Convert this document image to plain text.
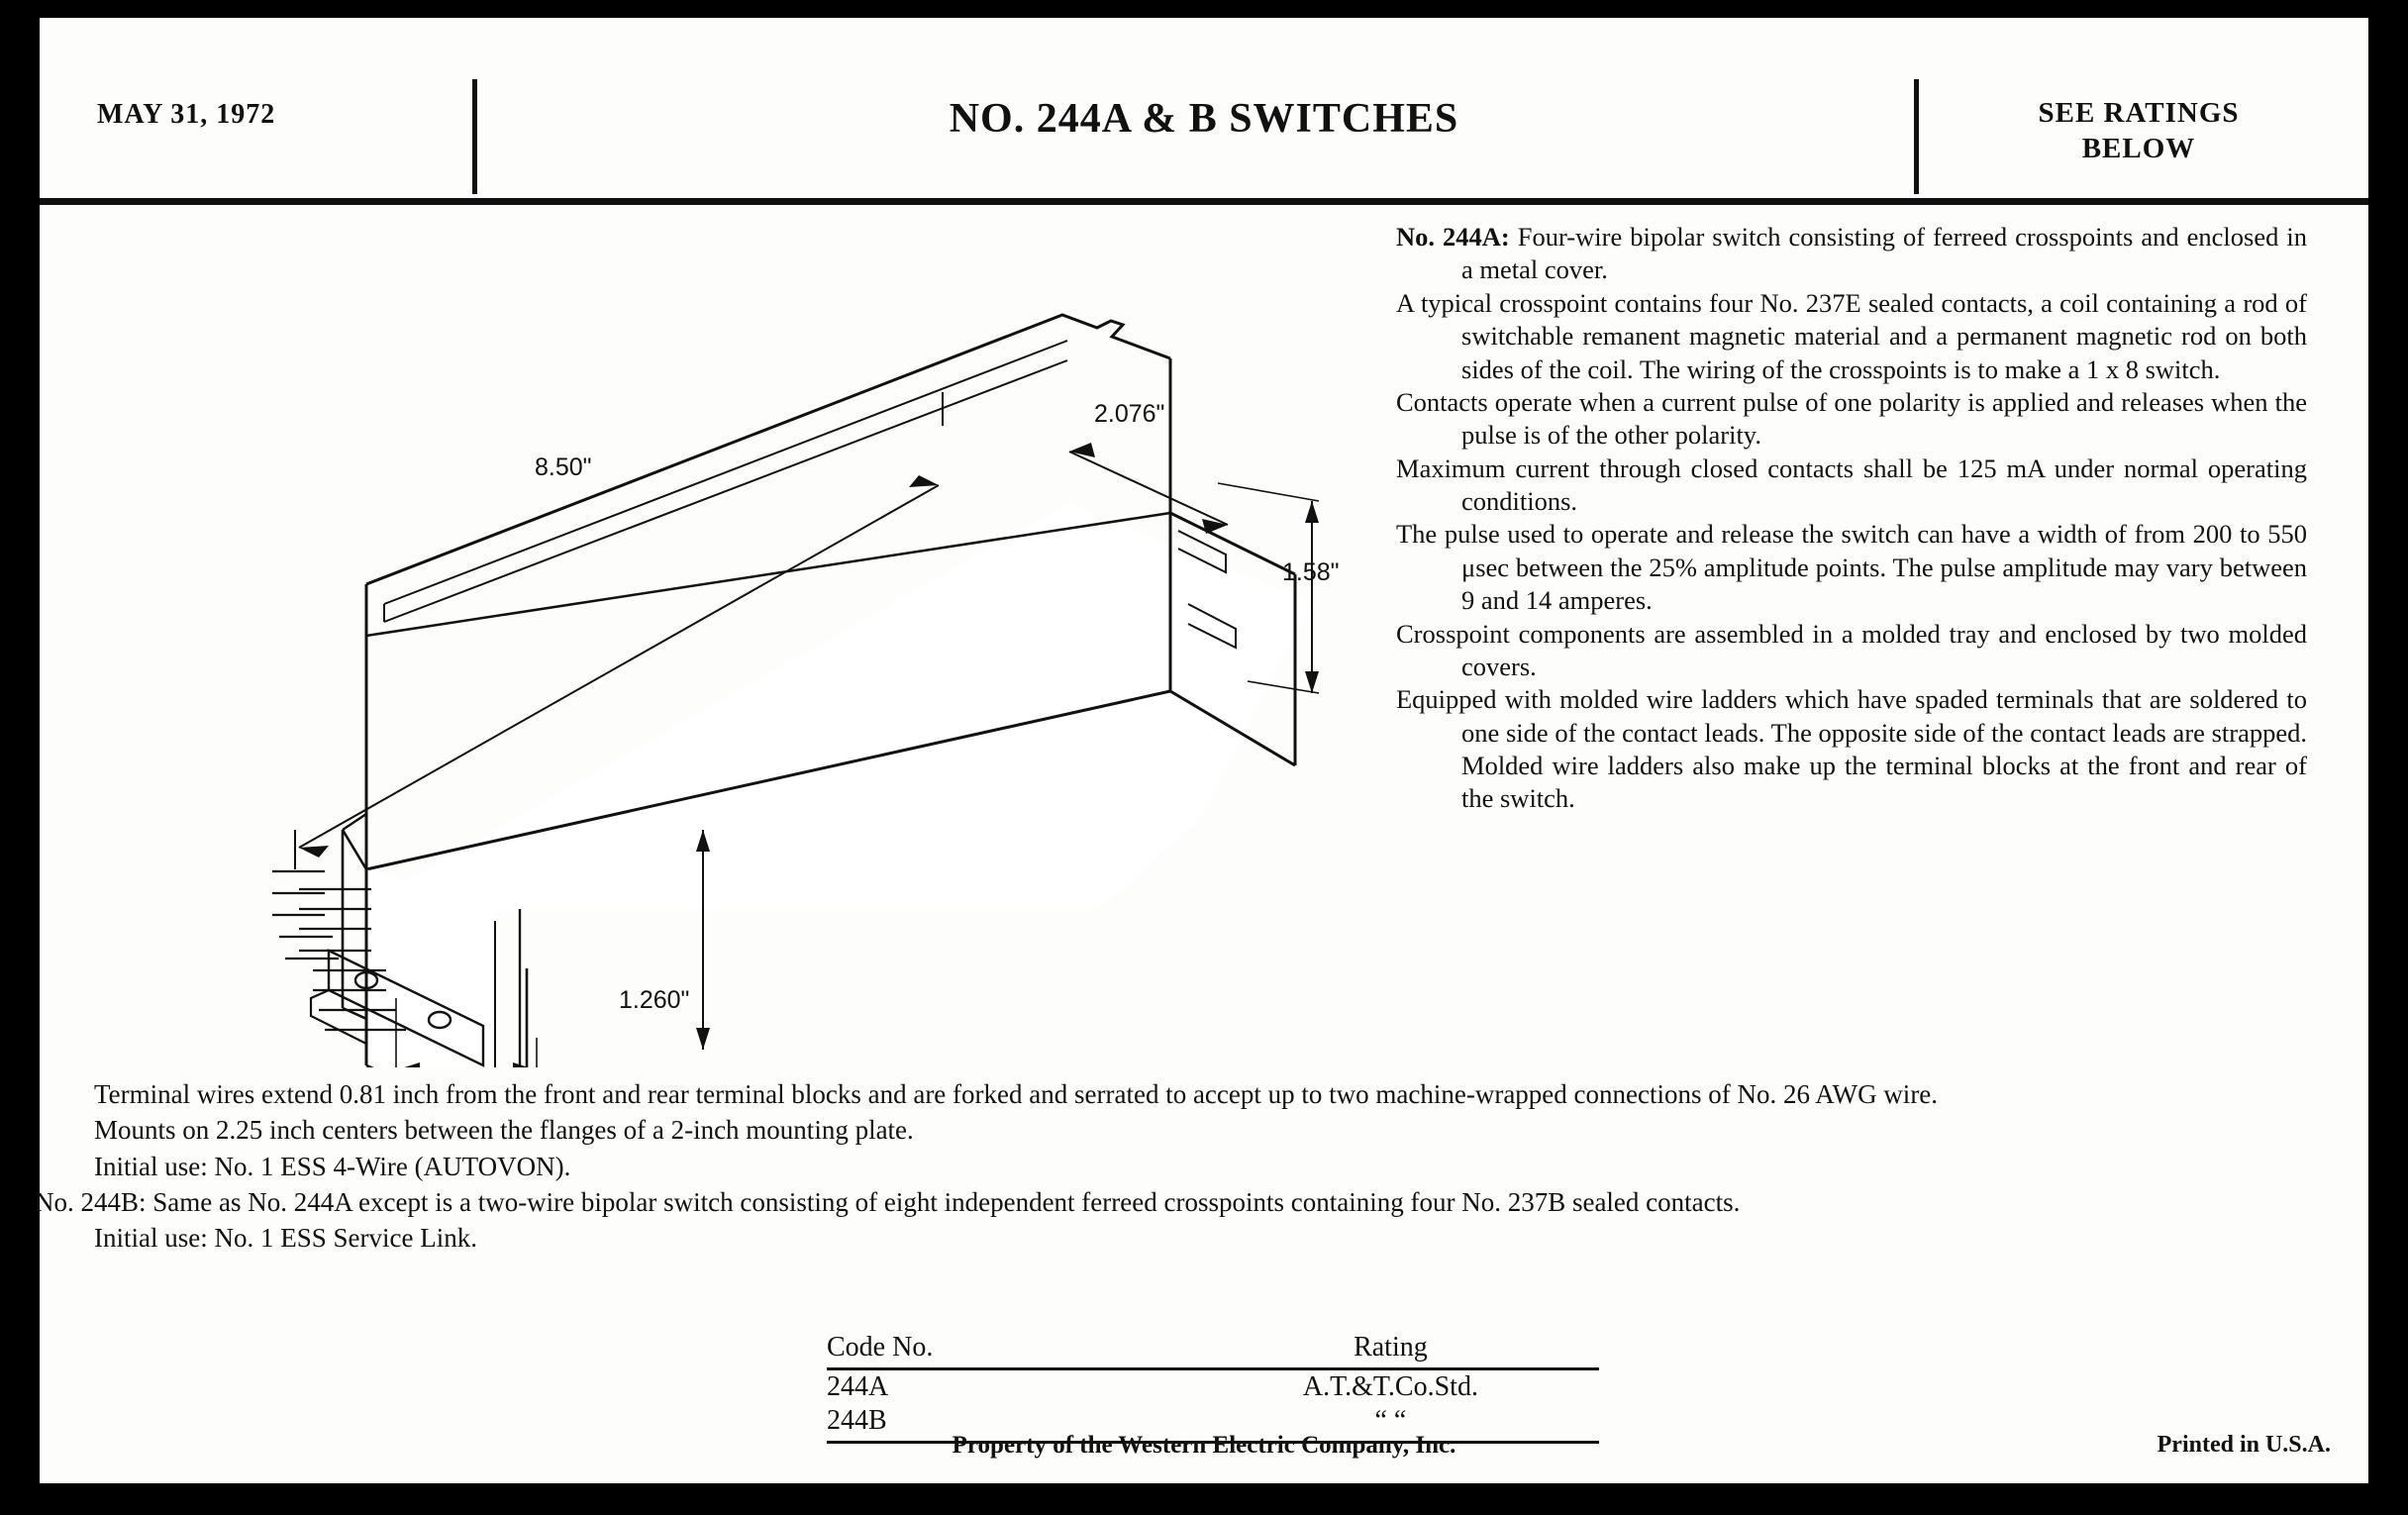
MAY 31, 1972	NO. 244A & B SWITCHES	SEE RATINGS
BELOW
8.50"
2.076"
1.58"
1.260"
No. 244A: Four-wire bipolar switch consisting of ferreed crosspoints and enclosed in a metal cover.
A typical crosspoint contains four No. 237E sealed contacts, a coil containing a rod of switchable remanent magnetic material and a permanent magnetic rod on both sides of the coil. The wiring of the crosspoints is to make a 1 x 8 switch.
Contacts operate when a current pulse of one polarity is applied and releases when the pulse is of the other polarity.
Maximum current through closed contacts shall be 125 mA under normal operating conditions.
The pulse used to operate and release the switch can have a width of from 200 to 550 μsec between the 25% amplitude points. The pulse amplitude may vary between 9 and 14 amperes.
Crosspoint components are assembled in a molded tray and enclosed by two molded covers.
Equipped with molded wire ladders which have spaded terminals that are soldered to one side of the contact leads. The opposite side of the contact leads are strapped. Molded wire ladders also make up the terminal blocks at the front and rear of the switch.

Terminal wires extend 0.81 inch from the front and rear terminal blocks and are forked and serrated to accept up to two machine-wrapped connections of No. 26 AWG wire.

Mounts on 2.25 inch centers between the flanges of a 2-inch mounting plate.

Initial use: No. 1 ESS 4-Wire (AUTOVON).

No. 244B: Same as No. 244A except is a two-wire bipolar switch consisting of eight independent ferreed crosspoints containing four No. 237B sealed contacts.

Initial use: No. 1 ESS Service Link.

Code No.	Rating
244A	A.T.&T.Co.Std.
244B	“ “
Property of the Western Electric Company, Inc.	Printed in U.S.A.
